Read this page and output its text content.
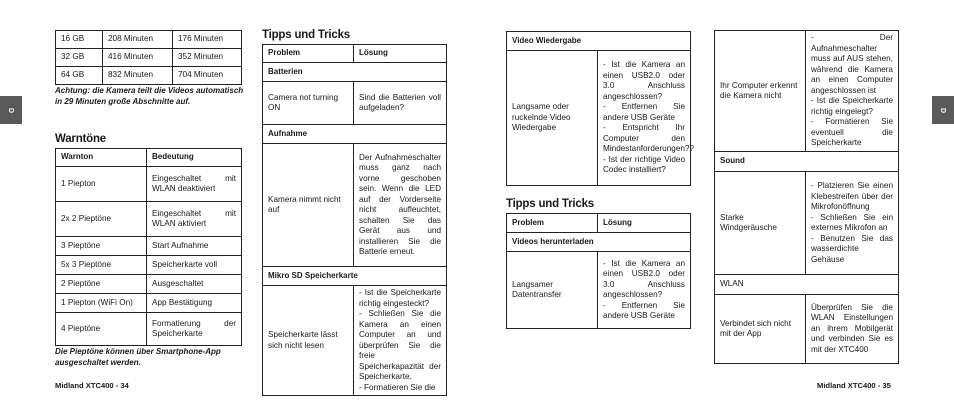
D	D
16 GB	208 Minuten	176 Minuten
32 GB	416 Minuten	352 Minuten
64 GB	832 Minuten	704 Minuten
Achtung: die Kamera teilt die Videos automatisch in 29 Minuten große Abschnitte auf.
Warntöne
Warnton	Bedeutung
1 Piepton	Eingeschaltet mit WLAN deaktiviert
2x 2 Pieptöne	Eingeschaltet mit WLAN aktiviert
3 Pieptöne	Start Aufnahme
5x 3 Pieptöne	Speicherkarte voll
2 Pieptöne	Ausgeschaltet
1 Piepton (WiFi On)	App Bestätigung
4 Pieptöne	Formatierung der Speicherkarte
Die Pieptöne können über Smartphone-App ausgeschaltet werden.
Tipps und Tricks
Problem	Lösung
Batterien	
Camera not turning ON	Sind die Batterien voll aufgeladen?
Aufnahme	
Kamera nimmt nicht auf	Der Aufnahmeschalter muss ganz nach vorne geschoben sein. Wenn die LED auf der Vorderseite nicht aufleuchtet, schalten Sie das Gerät aus und installieren Sie die Batterie erneut.
Mikro SD Speicherkarte	
Speicherkarte lässt sich nicht lesen	- Ist die Speicherkarte richtig eingesteckt?
- Schließen Sie die Kamera an einen Computer an und überprüfen Sie die freie Speicherkapazität der Speicherkarte.
- Formatieren Sie die
Video Wiedergabe
Langsame oder ruckelnde Video Wiedergabe	- Ist die Kamera an einen USB2.0 oder 3.0 Anschluss angeschlossen?
- Entfernen Sie andere USB Geräte
- Entspricht Ihr Computer den Mindestanforderungen??
- Ist der richtige Video Codec installiert?
Tipps und Tricks
Problem	Lösung
Videos herunterladen	
Langsamer Datentransfer	- Ist die Kamera an einen USB2.0 oder 3.0 Anschluss angeschlossen?
- Entfernen Sie andere USB Geräte
Ihr Computer erkennt die Kamera nicht	- Der Aufnahmeschalter muss auf AUS stehen, während die Kamera an einen Computer angeschlossen ist
- Ist die Speicherkarte richtig eingelegt?
- Formatieren Sie eventuell die Speicherkarte
Sound	
Starke Windgeräusche	- Platzieren Sie einen Klebestreifen über der Mikrofonöffnung
- Schließen Sie ein externes Mikrofon an
- Benutzen Sie das wasserdichte Gehäuse
WLAN	
Verbindet sich nicht mit der App	Überprüfen Sie die WLAN Einstellungen an ihrem Mobilgerät und verbinden Sie es mit der XTC400
Midland XTC400 - 34	Midland XTC400 - 35
